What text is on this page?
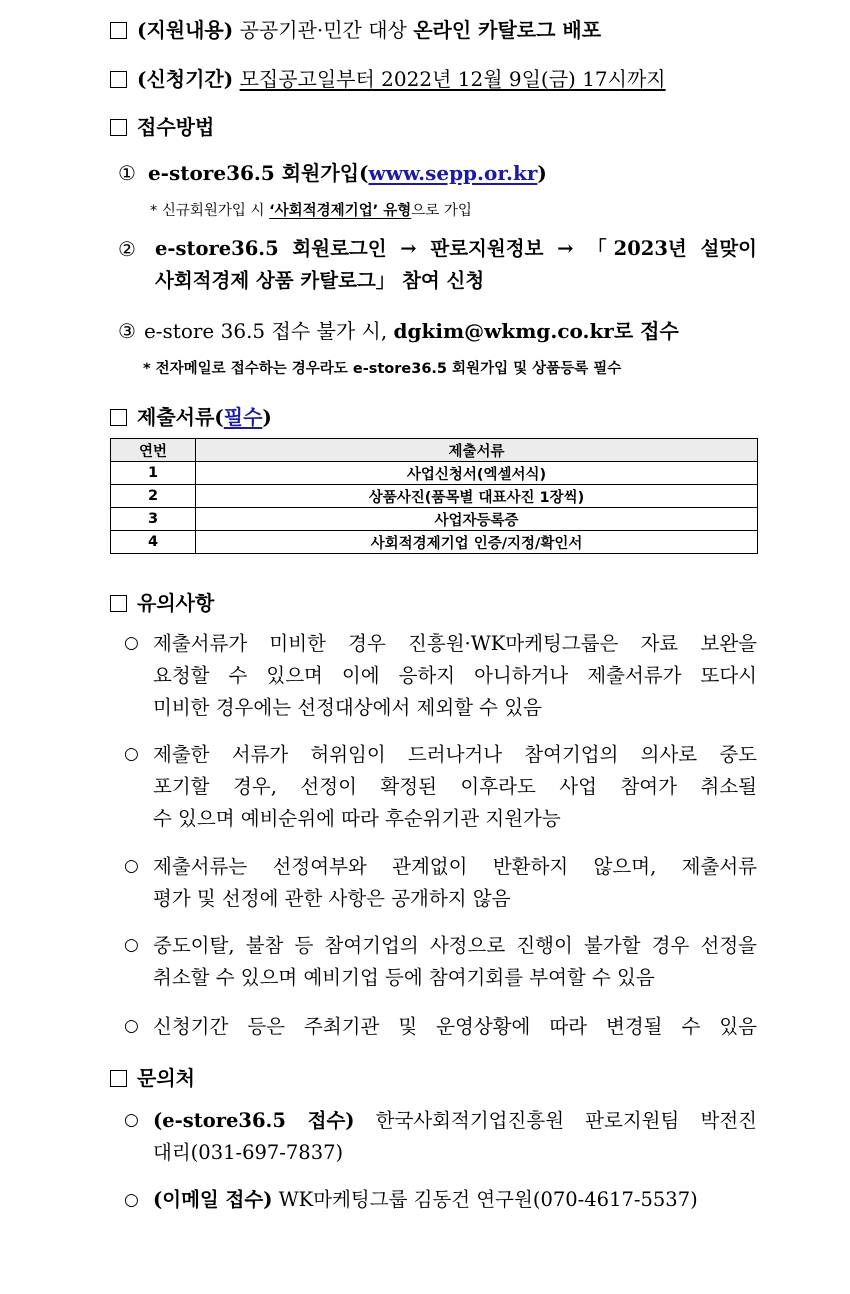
(지원내용) 공공기관·민간 대상 온라인 카탈로그 배포
(신청기간) 모집공고일부터 2022년 12월 9일(금) 17시까지
접수방법
① e-store36.5 회원가입(www.sepp.or.kr)
* 신규회원가입 시 ‘사회적경제기업’ 유형으로 가입
② e-store36.5 회원로그인 → 판로지원정보 → 「2023년 설맞이
사회적경제 상품 카탈로그」 참여 신청
③ e-store 36.5 접수 불가 시, dgkim@wkmg.co.kr로 접수
* 전자메일로 접수하는 경우라도 e-store36.5 회원가입 및 상품등록 필수
제출서류(필수)
연번	제출서류
1	사업신청서(엑셀서식)
2	상품사진(품목별 대표사진 1장씩)
3	사업자등록증
4	사회적경제기업 인증/지정/확인서
유의사항
○ 제출서류가 미비한 경우 진흥원·WK마케팅그룹은 자료 보완을
요청할 수 있으며 이에 응하지 아니하거나 제출서류가 또다시
미비한 경우에는 선정대상에서 제외할 수 있음
○ 제출한 서류가 허위임이 드러나거나 참여기업의 의사로 중도
포기할 경우, 선정이 확정된 이후라도 사업 참여가 취소될
수 있으며 예비순위에 따라 후순위기관 지원가능
○ 제출서류는 선정여부와 관계없이 반환하지 않으며, 제출서류
평가 및 선정에 관한 사항은 공개하지 않음
○ 중도이탈, 불참 등 참여기업의 사정으로 진행이 불가할 경우 선정을
취소할 수 있으며 예비기업 등에 참여기회를 부여할 수 있음
○ 신청기간 등은 주최기관 및 운영상황에 따라 변경될 수 있음
문의처
○ (e-store36.5 접수) 한국사회적기업진흥원 판로지원팀 박전진
대리(031-697-7837)
○ (이메일 접수) WK마케팅그룹 김동건 연구원(070-4617-5537)
